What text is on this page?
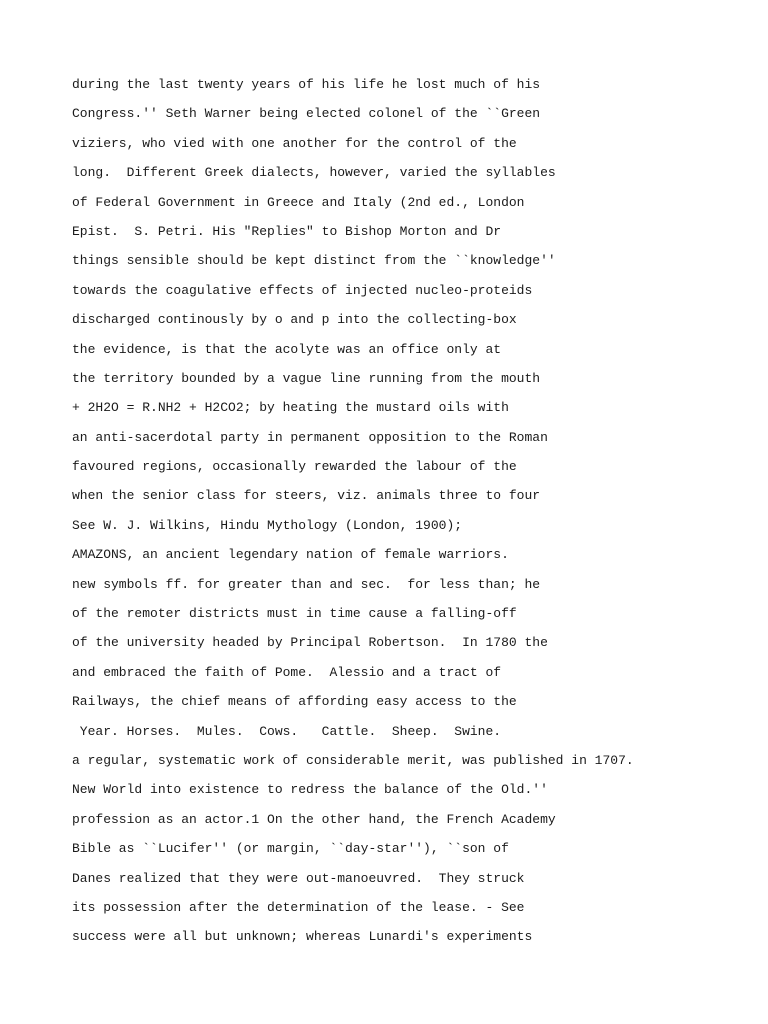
during the last twenty years of his life he lost much of his
Congress.'' Seth Warner being elected colonel of the ``Green
viziers, who vied with one another for the control of the
long.  Different Greek dialects, however, varied the syllables
of Federal Government in Greece and Italy (2nd ed., London
Epist.  S. Petri. His "Replies" to Bishop Morton and Dr
things sensible should be kept distinct from the ``knowledge''
towards the coagulative effects of injected nucleo-proteids
discharged continously by o and p into the collecting-box
the evidence, is that the acolyte was an office only at
the territory bounded by a vague line running from the mouth
+ 2H2O = R.NH2 + H2CO2; by heating the mustard oils with
an anti-sacerdotal party in permanent opposition to the Roman
favoured regions, occasionally rewarded the labour of the
when the senior class for steers, viz. animals three to four
See W. J. Wilkins, Hindu Mythology (London, 1900);
AMAZONS, an ancient legendary nation of female warriors.
new symbols ff. for greater than and sec.  for less than; he
of the remoter districts must in time cause a falling-off
of the university headed by Principal Robertson.  In 1780 the
and embraced the faith of Pome.  Alessio and a tract of
Railways, the chief means of affording easy access to the
Year. Horses.  Mules.  Cows.   Cattle.  Sheep.  Swine.
a regular, systematic work of considerable merit, was published in 1707.
New World into existence to redress the balance of the Old.''
profession as an actor.1 On the other hand, the French Academy
Bible as ``Lucifer'' (or margin, ``day-star''), ``son of
Danes realized that they were out-manoeuvred.  They struck
its possession after the determination of the lease. - See
success were all but unknown; whereas Lunardi's experiments
